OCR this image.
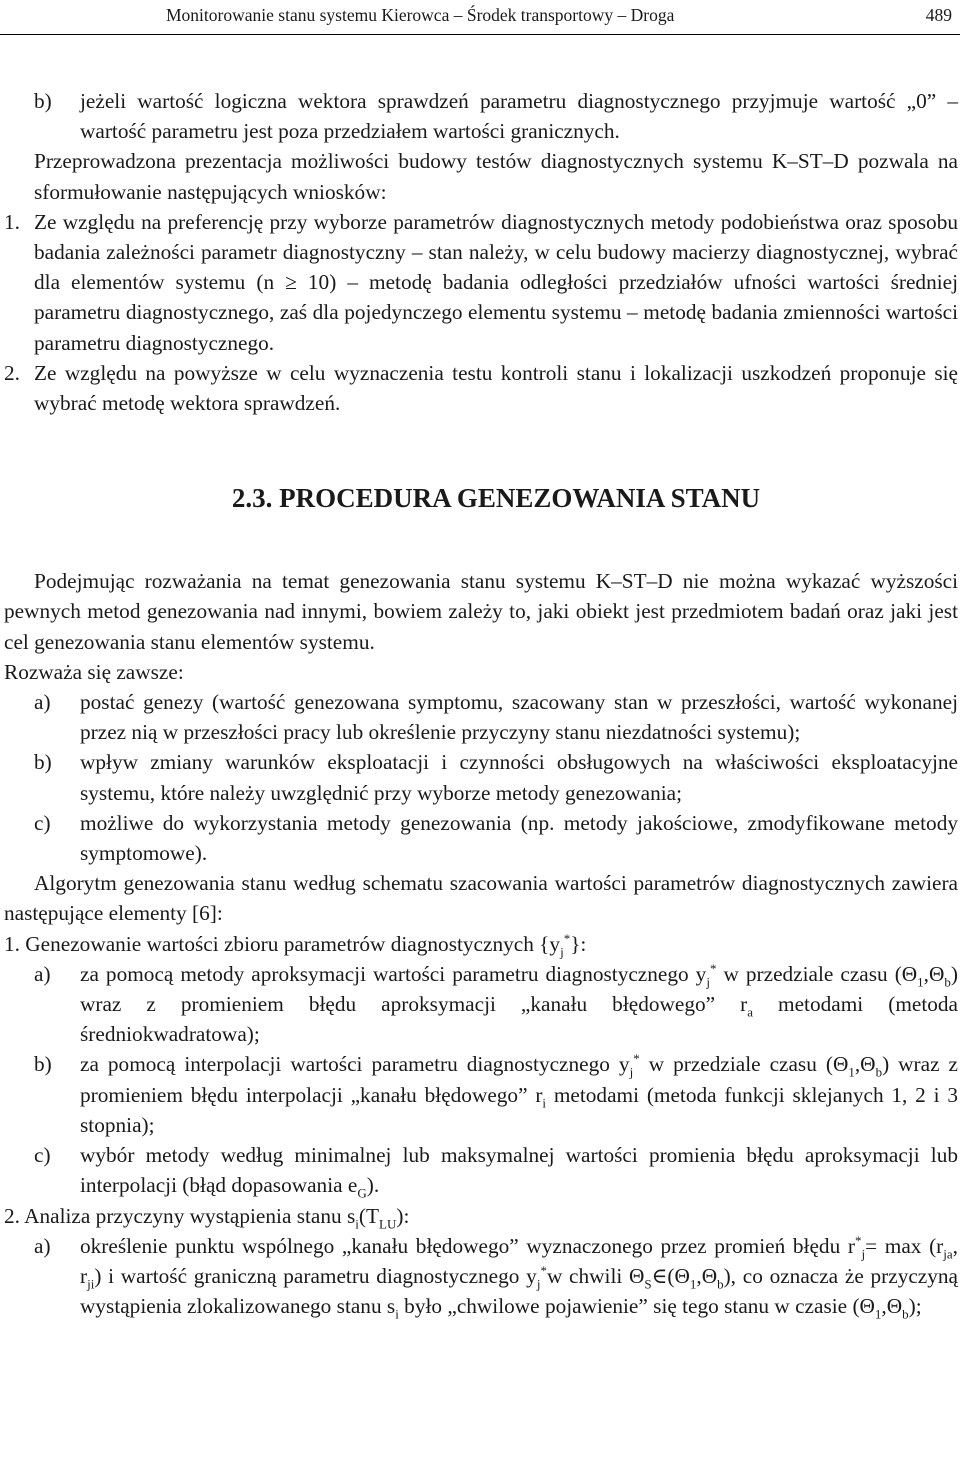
Monitorowanie stanu systemu Kierowca – Środek transportowy – Droga	489
b) jeżeli wartość logiczna wektora sprawdzeń parametru diagnostycznego przyjmuje wartość „0” – wartość parametru jest poza przedziałem wartości granicznych.

Przeprowadzona prezentacja możliwości budowy testów diagnostycznych systemu K–ST–D pozwala na sformułowanie następujących wniosków:

1. Ze względu na preferencję przy wyborze parametrów diagnostycznych metody podobieństwa oraz sposobu badania zależności parametr diagnostyczny – stan należy, w celu budowy macierzy diagnostycznej, wybrać dla elementów systemu (n ≥ 10) – metodę badania odległości przedziałów ufności wartości średniej parametru diagnostycznego, zaś dla pojedynczego elementu systemu – metodę badania zmienności wartości parametru diagnostycznego.
2. Ze względu na powyższe w celu wyznaczenia testu kontroli stanu i lokalizacji uszkodzeń proponuje się wybrać metodę wektora sprawdzeń.
2.3. PROCEDURA GENEZOWANIA STANU

Podejmując rozważania na temat genezowania stanu systemu K–ST–D nie można wykazać wyższości pewnych metod genezowania nad innymi, bowiem zależy to, jaki obiekt jest przedmiotem badań oraz jaki jest cel genezowania stanu elementów systemu.

Rozważa się zawsze:

a) postać genezy (wartość genezowana symptomu, szacowany stan w przeszłości, wartość wykonanej przez nią w przeszłości pracy lub określenie przyczyny stanu niezdatności systemu);
b) wpływ zmiany warunków eksploatacji i czynności obsługowych na właściwości eksploatacyjne systemu, które należy uwzględnić przy wyborze metody genezowania;
c) możliwe do wykorzystania metody genezowania (np. metody jakościowe, zmodyfikowane metody symptomowe).

Algorytm genezowania stanu według schematu szacowania wartości parametrów diagnostycznych zawiera następujące elementy [6]:

1. Genezowanie wartości zbioru parametrów diagnostycznych $\{y_j^*\}$:

a) za pomocą metody aproksymacji wartości parametru diagnostycznego $y_j^*$ w przedziale czasu $(\Theta_1,\Theta_b)$ wraz z promieniem błędu aproksymacji „kanału błędowego” $r_a$ metodami (metoda średniokwadratowa);
b) za pomocą interpolacji wartości parametru diagnostycznego $y_j^*$ w przedziale czasu $(\Theta_1,\Theta_b)$ wraz z promieniem błędu interpolacji „kanału błędowego” $r_i$ metodami (metoda funkcji sklejanych 1, 2 i 3 stopnia);
c) wybór metody według minimalnej lub maksymalnej wartości promienia błędu aproksymacji lub interpolacji (błąd dopasowania $e_G$).

2. Analiza przyczyny wystąpienia stanu $s_i(T_{LU})$:

a) określenie punktu wspólnego „kanału błędowego” wyznaczonego przez promień błędu $r^*_j= \max (r_{ja}$, $r_{ji}$) i wartość graniczną parametru diagnostycznego $y_j^*w$ chwili $\Theta_S\in(\Theta_1,\Theta_b)$, co oznacza że przyczyną wystąpienia zlokalizowanego stanu $s_i$ było „chwilowe pojawienie” się tego stanu w czasie $(\Theta_1,\Theta_b)$;
